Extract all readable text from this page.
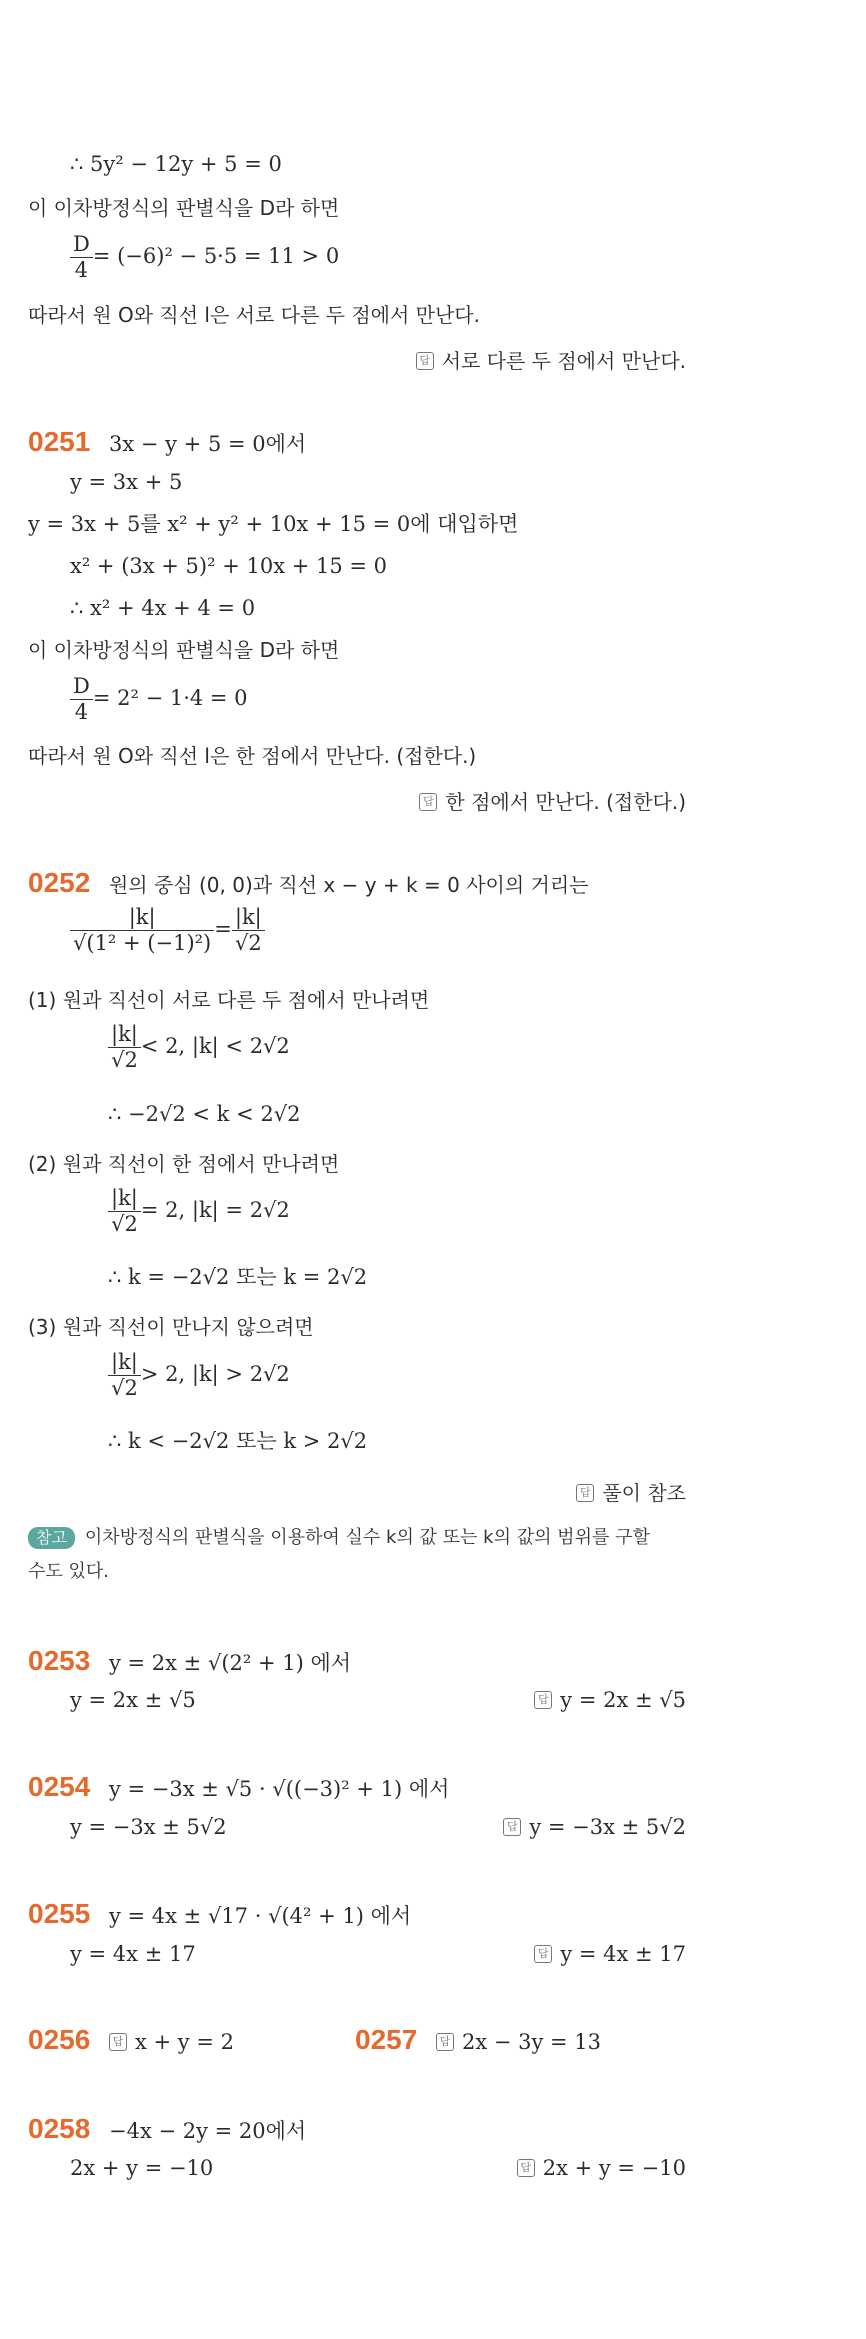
∴ 5y² − 12y + 5 = 0
이 이차방정식의 판별식을 D라 하면
$\frac{D}{4} = (-6)^2 - 5\cdot 5 = 11 > 0$
따라서 원 O와 직선 l은 서로 다른 두 점에서 만난다.
답 서로 다른 두 점에서 만난다.
0251 3x − y + 5 = 0에서
y = 3x + 5
y = 3x + 5를 x² + y² + 10x + 15 = 0에 대입하면
x² + (3x + 5)² + 10x + 15 = 0
∴ x² + 4x + 4 = 0
이 이차방정식의 판별식을 D라 하면
$\frac{D}{4} = 2^2 - 1\cdot 4 = 0$
따라서 원 O와 직선 l은 한 점에서 만난다. (접한다.)
답 한 점에서 만난다. (접한다.)
0252 원의 중심 (0, 0)과 직선 x − y + k = 0 사이의 거리는
$\frac{|k|}{\text{√(1² + (−1)²)}} = \frac{|k|}{√2}$
(1) 원과 직선이 서로 다른 두 점에서 만나려면
$\frac{|k|}{√2} < 2$, |k| < 2√2
∴ −2√2 < k < 2√2
(2) 원과 직선이 한 점에서 만나려면
$\frac{|k|}{√2} = 2$, |k| = 2√2
∴ k = −2√2 또는 k = 2√2
(3) 원과 직선이 만나지 않으려면
$\frac{|k|}{√2} > 2$, |k| > 2√2
∴ k < −2√2 또는 k > 2√2
답 풀이 참조
참고 이차방정식의 판별식을 이용하여 실수 k의 값 또는 k의 값의 범위를 구할
수도 있다.
0253 y = 2x ± √(2² + 1) 에서
y = 2x ± √5	답 y = 2x ± √5
0254 y = −3x ± √5 · √((−3)² + 1) 에서
y = −3x ± 5√2	답 y = −3x ± 5√2
0255 y = 4x ± √17 · √(4² + 1) 에서
y = 4x ± 17	답 y = 4x ± 17
0256 답 x + y = 2	0257 답 2x − 3y = 13
0258 −4x − 2y = 20에서
2x + y = −10	답 2x + y = −10
